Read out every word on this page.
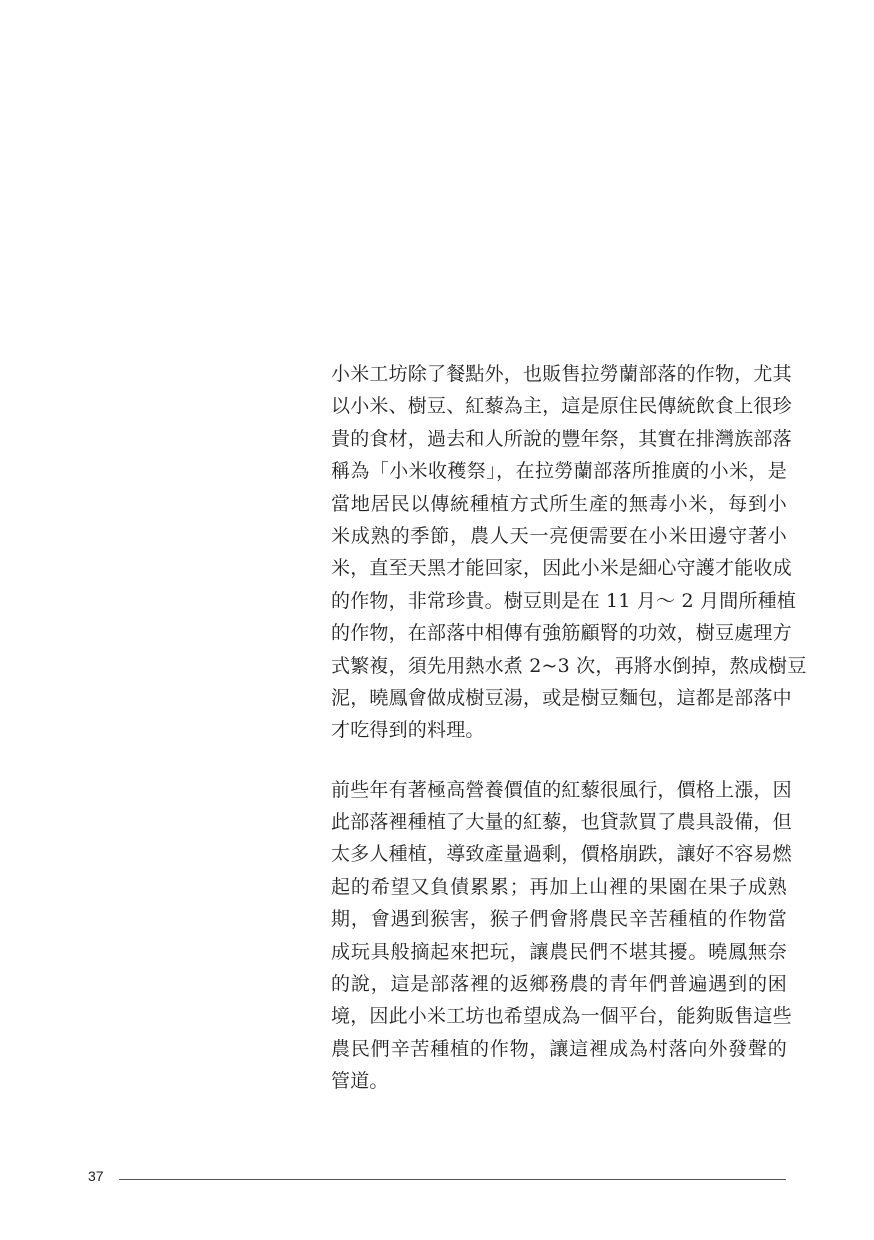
小米工坊除了餐點外，也販售拉勞蘭部落的作物，尤其
以小米、樹豆、紅藜為主，這是原住民傳統飲食上很珍
貴的食材，過去和人所說的豐年祭，其實在排灣族部落
稱為「小米收穫祭」，在拉勞蘭部落所推廣的小米，是
當地居民以傳統種植方式所生產的無毒小米，每到小
米成熟的季節，農人天一亮便需要在小米田邊守著小
米，直至天黑才能回家，因此小米是細心守護才能收成
的作物，非常珍貴。樹豆則是在 11 月～ 2 月間所種植
的作物，在部落中相傳有強筋顧腎的功效，樹豆處理方
式繁複，須先用熱水煮 2~3 次，再將水倒掉，熬成樹豆
泥，曉鳳會做成樹豆湯，或是樹豆麵包，這都是部落中
才吃得到的料理。
前些年有著極高營養價值的紅藜很風行，價格上漲，因
此部落裡種植了大量的紅藜，也貸款買了農具設備，但
太多人種植，導致產量過剩，價格崩跌，讓好不容易燃
起的希望又負債累累；再加上山裡的果園在果子成熟
期，會遇到猴害，猴子們會將農民辛苦種植的作物當
成玩具般摘起來把玩，讓農民們不堪其擾。曉鳳無奈
的說，這是部落裡的返鄉務農的青年們普遍遇到的困
境，因此小米工坊也希望成為一個平台，能夠販售這些
農民們辛苦種植的作物，讓這裡成為村落向外發聲的
管道。
37
